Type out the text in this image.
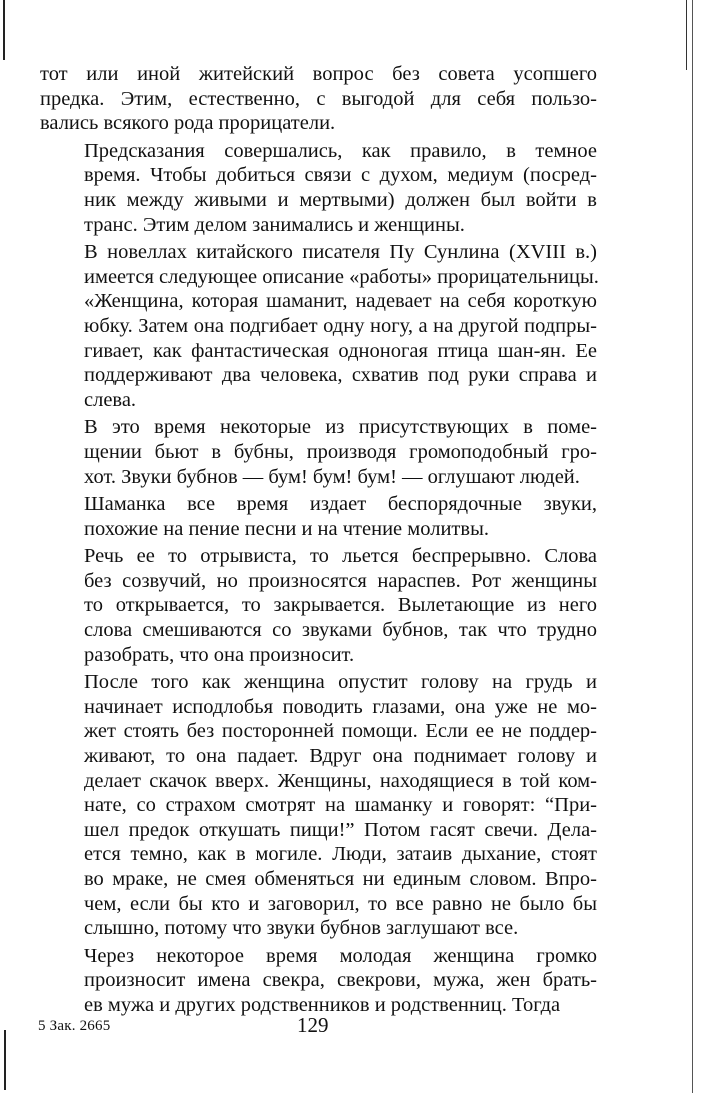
тот или иной житейский вопрос без совета усопшего
предка. Этим, естественно, с выгодой для себя пользо-
вались всякого рода прорицатели.

Предсказания совершались, как правило, в темное
время. Чтобы добиться связи с духом, медиум (посред-
ник между живыми и мертвыми) должен был войти в
транс. Этим делом занимались и женщины.

В новеллах китайского писателя Пу Сунлина (XVIII в.)
имеется следующее описание «работы» прорицательницы.
«Женщина, которая шаманит, надевает на себя короткую
юбку. Затем она подгибает одну ногу, а на другой подпры-
гивает, как фантастическая одноногая птица шан-ян. Ее
поддерживают два человека, схватив под руки справа и
слева.

В это время некоторые из присутствующих в поме-
щении бьют в бубны, производя громоподобный гро-
хот. Звуки бубнов — бум! бум! бум! — оглушают людей.

Шаманка все время издает беспорядочные звуки,
похожие на пение песни и на чтение молитвы.

Речь ее то отрывиста, то льется беспрерывно. Слова
без созвучий, но произносятся нараспев. Рот женщины
то открывается, то закрывается. Вылетающие из него
слова смешиваются со звуками бубнов, так что трудно
разобрать, что она произносит.

После того как женщина опустит голову на грудь и
начинает исподлобья поводить глазами, она уже не мо-
жет стоять без посторонней помощи. Если ее не поддер-
живают, то она падает. Вдруг она поднимает голову и
делает скачок вверх. Женщины, находящиеся в той ком-
нате, со страхом смотрят на шаманку и говорят: “При-
шел предок откушать пищи!” Потом гасят свечи. Дела-
ется темно, как в могиле. Люди, затаив дыхание, стоят
во мраке, не смея обменяться ни единым словом. Впро-
чем, если бы кто и заговорил, то все равно не было бы
слышно, потому что звуки бубнов заглушают все.

Через некоторое время молодая женщина громко
произносит имена свекра, свекрови, мужа, жен брать-
ев мужа и других родственников и родственниц. Тогда

5 Зак. 2665	129
